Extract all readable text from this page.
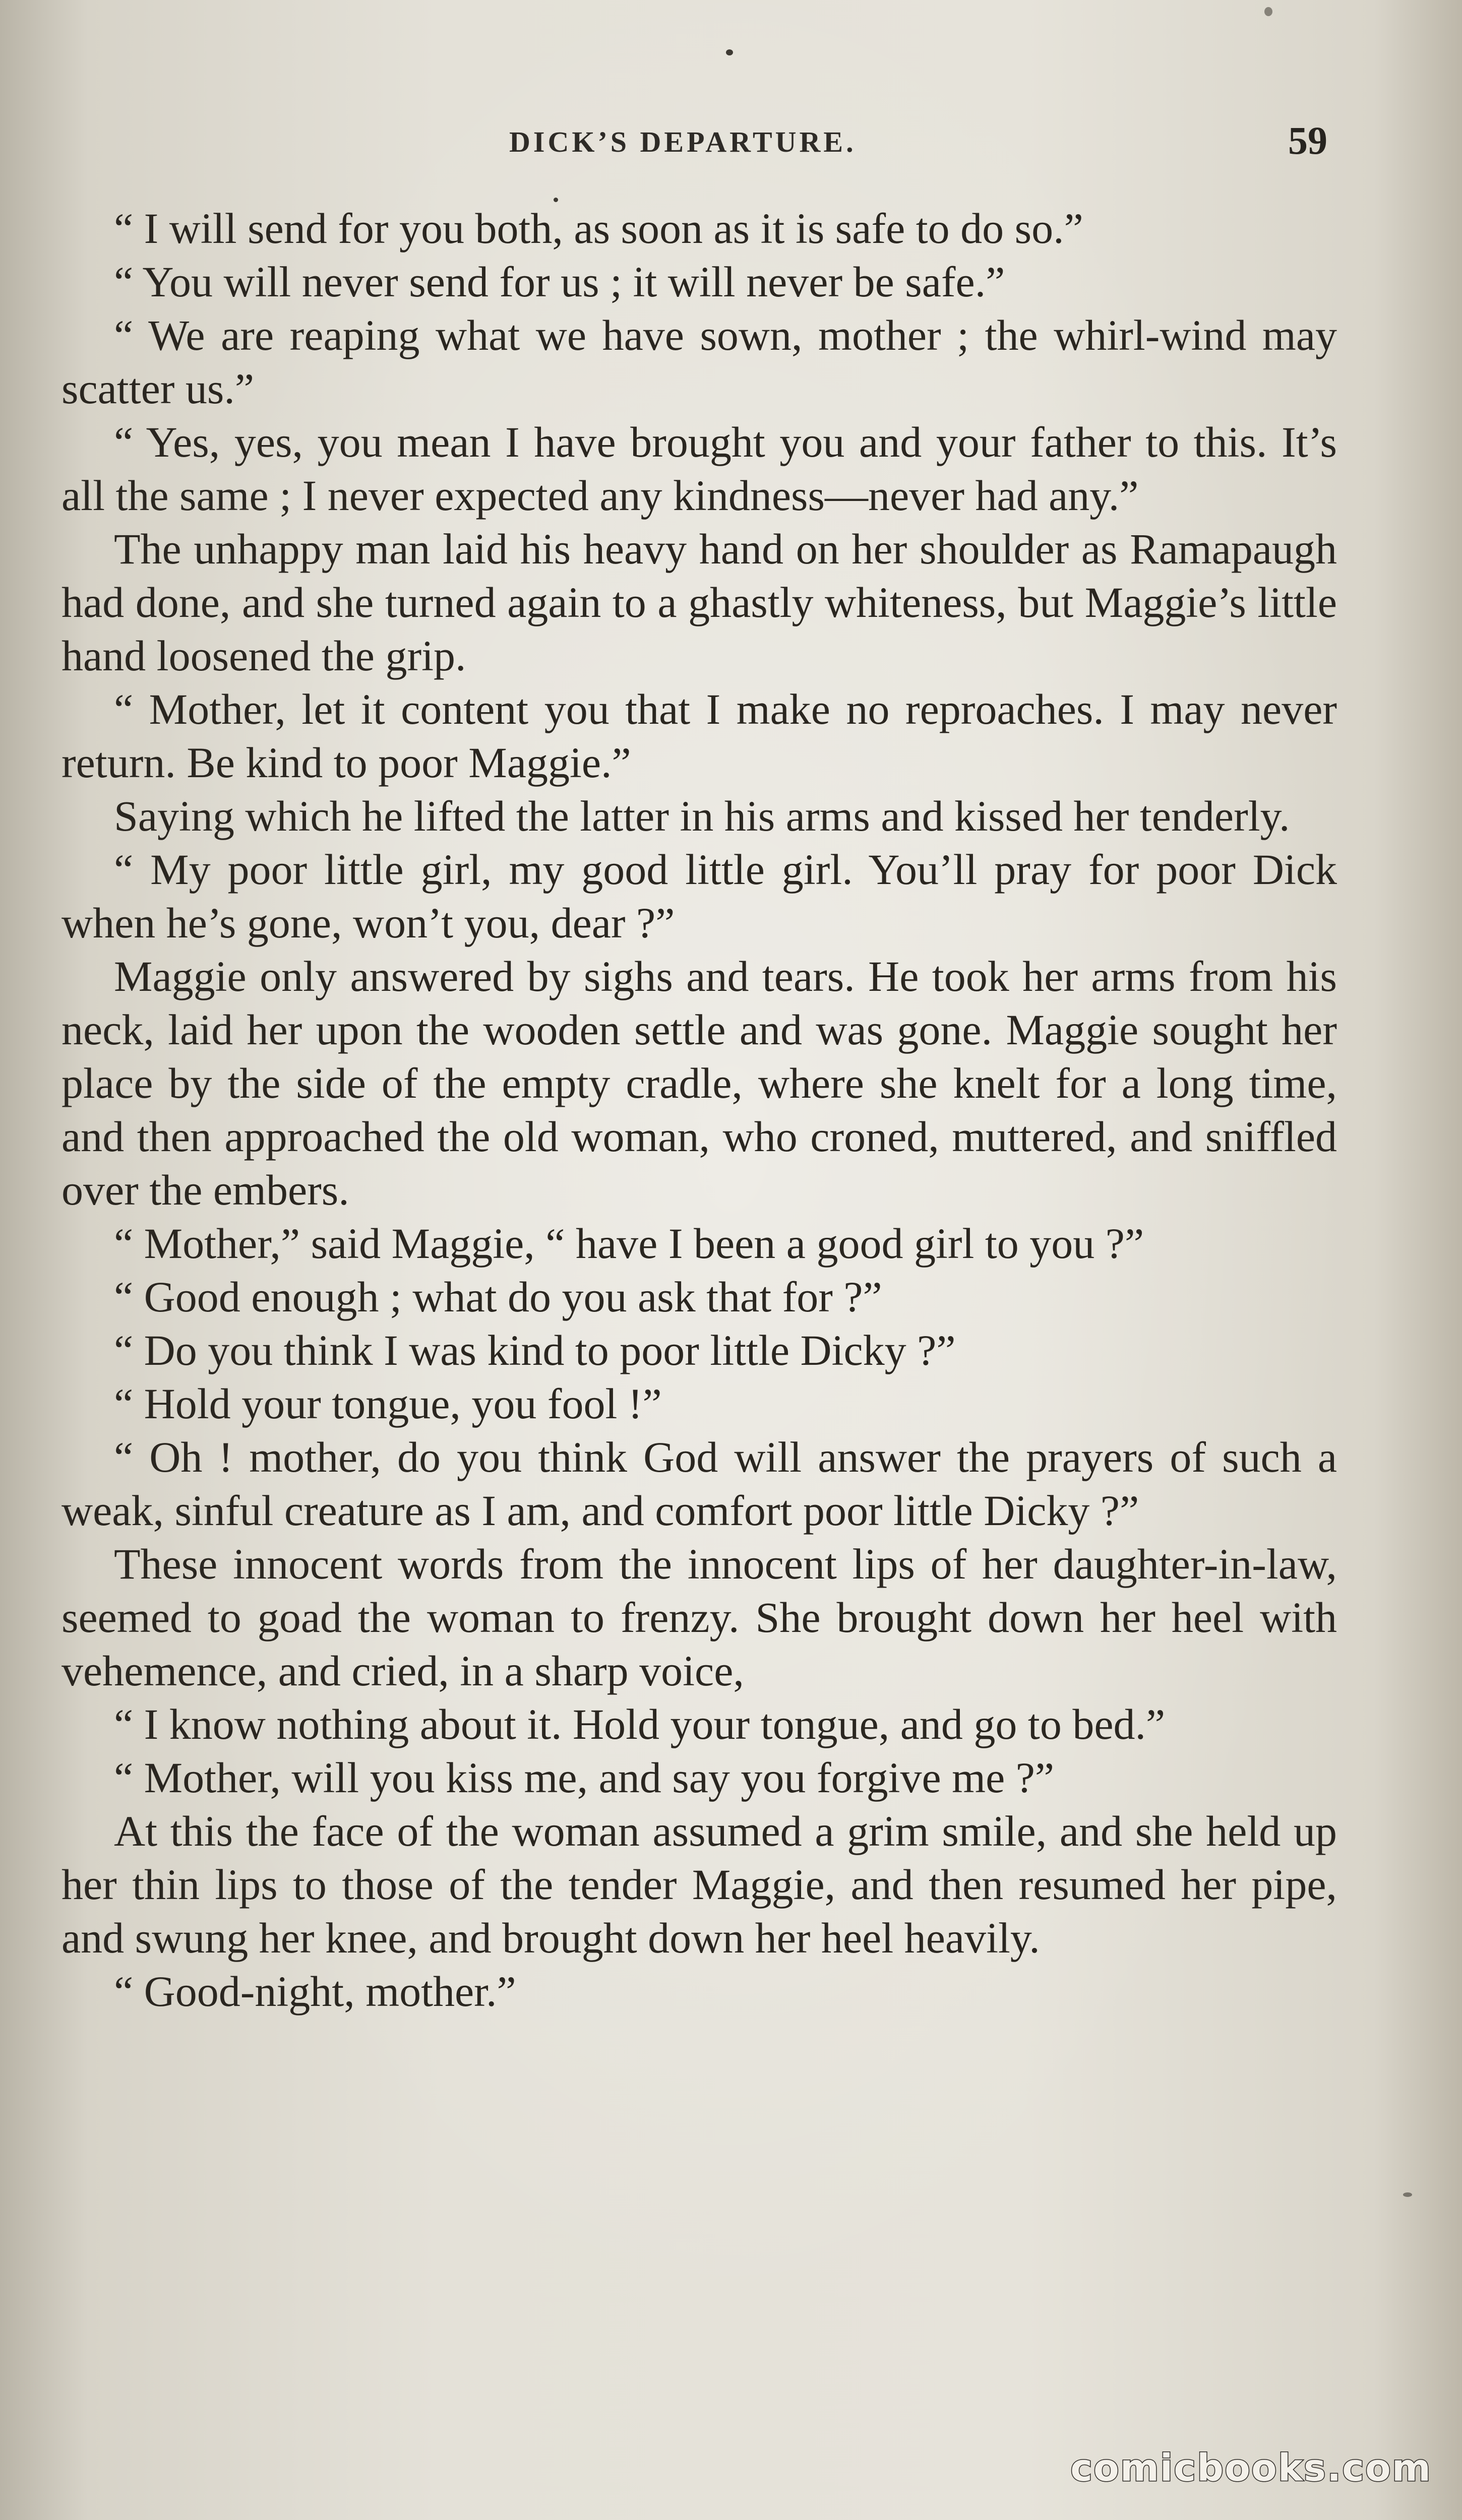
DICK’S DEPARTURE.	59

“ I will send for you both, as soon as it is safe to do so.”

“ You will never send for us ; it will never be safe.”

“ We are reaping what we have sown, mother ; the whirl-wind may scatter us.”

“ Yes, yes, you mean I have brought you and your father to this. It’s all the same ; I never expected any kindness—never had any.”

The unhappy man laid his heavy hand on her shoulder as Ramapaugh had done, and she turned again to a ghastly whiteness, but Maggie’s little hand loosened the grip.

“ Mother, let it content you that I make no reproaches. I may never return. Be kind to poor Maggie.”

Saying which he lifted the latter in his arms and kissed her tenderly.

“ My poor little girl, my good little girl. You’ll pray for poor Dick when he’s gone, won’t you, dear ?”

Maggie only answered by sighs and tears. He took her arms from his neck, laid her upon the wooden settle and was gone. Maggie sought her place by the side of the empty cradle, where she knelt for a long time, and then approached the old woman, who croned, muttered, and sniffled over the embers.

“ Mother,” said Maggie, “ have I been a good girl to you ?”

“ Good enough ; what do you ask that for ?”

“ Do you think I was kind to poor little Dicky ?”

“ Hold your tongue, you fool !”

“ Oh ! mother, do you think God will answer the prayers of such a weak, sinful creature as I am, and comfort poor little Dicky ?”

These innocent words from the innocent lips of her daughter-in-law, seemed to goad the woman to frenzy. She brought down her heel with vehemence, and cried, in a sharp voice,

“ I know nothing about it. Hold your tongue, and go to bed.”

“ Mother, will you kiss me, and say you forgive me ?”

At this the face of the woman assumed a grim smile, and she held up her thin lips to those of the tender Maggie, and then resumed her pipe, and swung her knee, and brought down her heel heavily.

“ Good-night, mother.”

comicbooks.com
